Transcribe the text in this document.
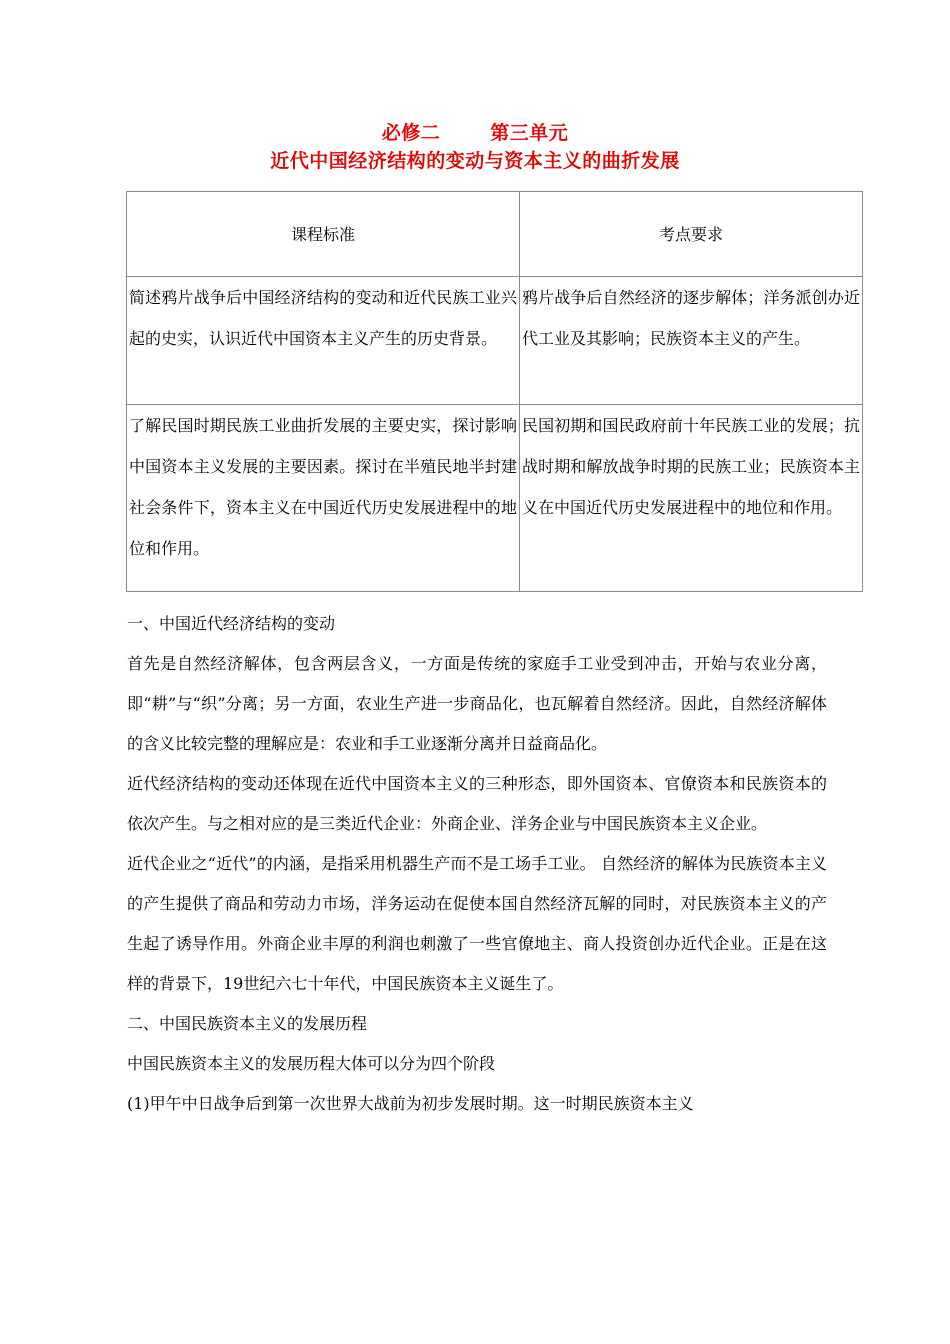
必修二	第三单元
近代中国经济结构的变动与资本主义的曲折发展
课程标准	考点要求
简述鸦片战争后中国经济结构的变动和近代民族工业兴起的史实，认识近代中国资本主义产生的历史背景。	鸦片战争后自然经济的逐步解体；洋务派创办近代工业及其影响；民族资本主义的产生。
了解民国时期民族工业曲折发展的主要史实，探讨影响中国资本主义发展的主要因素。探讨在半殖民地半封建社会条件下，资本主义在中国近代历史发展进程中的地位和作用。	民国初期和国民政府前十年民族工业的发展；抗战时期和解放战争时期的民族工业；民族资本主义在中国近代历史发展进程中的地位和作用。

一、中国近代经济结构的变动

首先是自然经济解体，包含两层含义，一方面是传统的家庭手工业受到冲击，开始与农业分离，即“耕”与“织”分离；另一方面，农业生产进一步商品化，也瓦解着自然经济。因此，自然经济解体的含义比较完整的理解应是：农业和手工业逐渐分离并日益商品化。

近代经济结构的变动还体现在近代中国资本主义的三种形态，即外国资本、官僚资本和民族资本的依次产生。与之相对应的是三类近代企业：外商企业、洋务企业与中国民族资本主义企业。

近代企业之“近代”的内涵，是指采用机器生产而不是工场手工业。 自然经济的解体为民族资本主义的产生提供了商品和劳动力市场，洋务运动在促使本国自然经济瓦解的同时，对民族资本主义的产生起了诱导作用。外商企业丰厚的利润也刺激了一些官僚地主、商人投资创办近代企业。正是在这样的背景下，19世纪六七十年代，中国民族资本主义诞生了。

二、中国民族资本主义的发展历程

中国民族资本主义的发展历程大体可以分为四个阶段

(1)甲午中日战争后到第一次世界大战前为初步发展时期。这一时期民族资本主义
